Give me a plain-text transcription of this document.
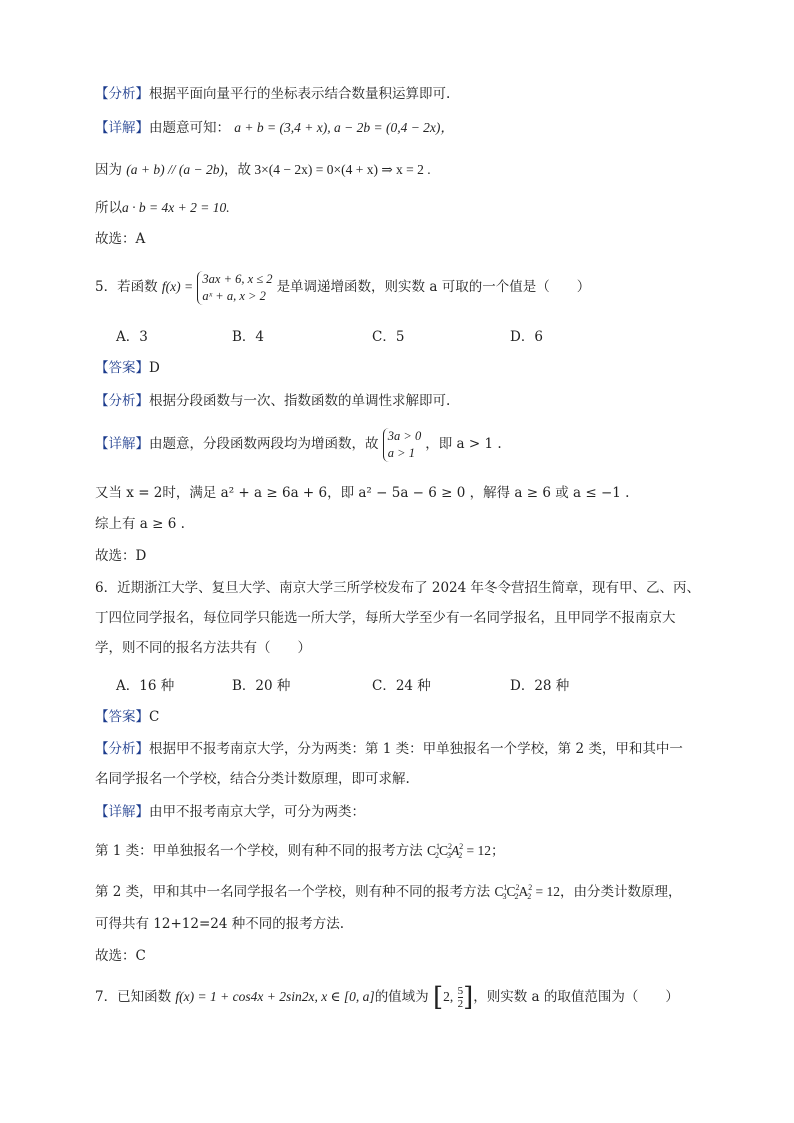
【分析】根据平面向量平行的坐标表示结合数量积运算即可.
【详解】由题意可知： a + b = (3,4 + x), a − 2b = (0,4 − 2x)，
因为 (a + b) // (a − 2b)，故 3×(4 − 2x) = 0×(4 + x) ⇒ x = 2 .
所以a · b = 4x + 2 = 10.
故选：A
5．若函数 f(x) =
3ax + 6, x ≤ 2
aˣ + a, x > 2
是单调递增函数，则实数 a 可取的一个值是（　　）
A．3	B．4	C．5	D．6
【答案】D
【分析】根据分段函数与一次、指数函数的单调性求解即可.
【详解】由题意，分段函数两段均为增函数，故
3a > 0
a > 1
，即 a > 1 .
又当 x = 2时，满足 a² + a ≥ 6a + 6，即 a² − 5a − 6 ≥ 0 ，解得 a ≥ 6 或 a ≤ −1 .
综上有 a ≥ 6 .
故选：D
6．近期浙江大学、复旦大学、南京大学三所学校发布了 2024 年冬令营招生简章，现有甲、乙、丙、
丁四位同学报名，每位同学只能选一所大学，每所大学至少有一名同学报名，且甲同学不报南京大
学，则不同的报名方法共有（　　）
A．16 种	B．20 种	C．24 种	D．28 种
【答案】C
【分析】根据甲不报考南京大学，分为两类：第 1 类：甲单独报名一个学校，第 2 类，甲和其中一
名同学报名一个学校，结合分类计数原理，即可求解.
【详解】由甲不报考南京大学，可分为两类：
第 1 类：甲单独报名一个学校，则有种不同的报考方法 $C^1_2C^2_3A^2_2 = 12$；
第 2 类，甲和其中一名同学报名一个学校，则有种不同的报考方法 $C^1_3C^2_2A^2_2 = 12$，由分类计数原理，
可得共有 12+12=24 种不同的报考方法.
故选：C
7．已知函数 f(x) = 1 + cos4x + 2sin2x, x ∈ [0, a]的值域为 [2, $\frac{5}{2}$ ]，则实数 a 的取值范围为（　　）
